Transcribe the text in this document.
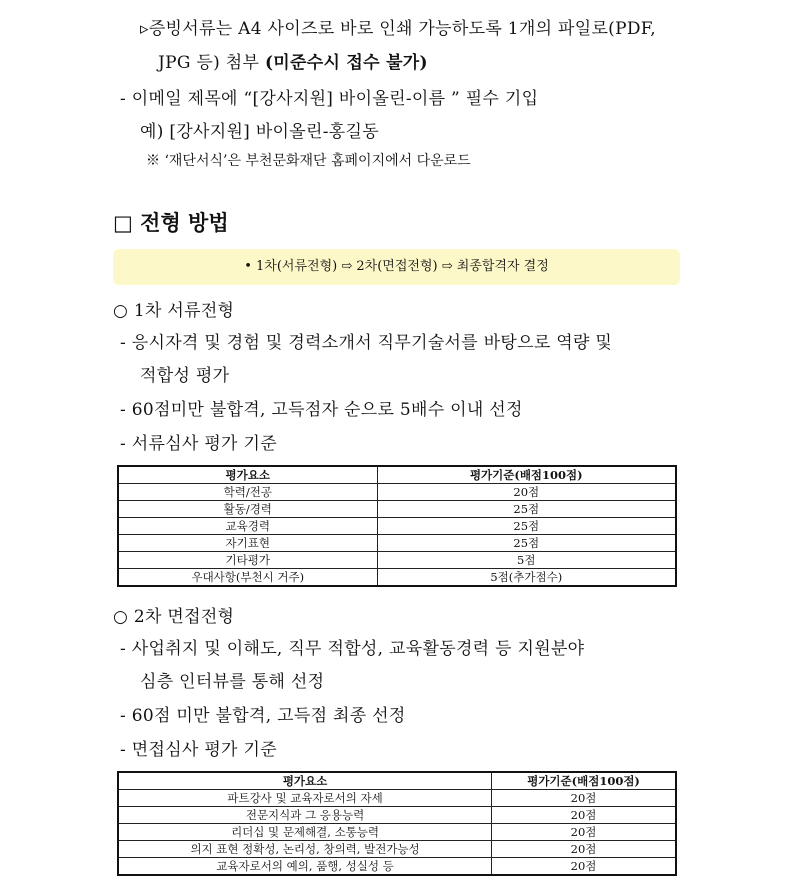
▹증빙서류는 A4 사이즈로 바로 인쇄 가능하도록 1개의 파일로(PDF,
JPG 등) 첨부 (미준수시 접수 불가)
- 이메일 제목에 “[강사지원] 바이올린-이름 ” 필수 기입
예) [강사지원] 바이올린-홍길동
※ ‘재단서식’은 부천문화재단 홈페이지에서 다운로드
□ 전형 방법
• 1차(서류전형) ⇨ 2차(면접전형) ⇨ 최종합격자 결정
○ 1차 서류전형
- 응시자격 및 경험 및 경력소개서 직무기술서를 바탕으로 역량 및
적합성 평가
- 60점미만 불합격, 고득점자 순으로 5배수 이내 선정
- 서류심사 평가 기준
평가요소	평가기준(배점100점)
학력/전공	20점
활동/경력	25점
교육경력	25점
자기표현	25점
기타평가	5점
우대사항(부천시 거주)	5점(추가점수)
○ 2차 면접전형
- 사업취지 및 이해도, 직무 적합성, 교육활동경력 등 지원분야
심층 인터뷰를 통해 선정
- 60점 미만 불합격, 고득점 최종 선정
- 면접심사 평가 기준
평가요소	평가기준(배점100점)
파트강사 및 교육자로서의 자세	20점
전문지식과 그 응용능력	20점
리더십 및 문제해결, 소통능력	20점
의지 표현 정확성, 논리성, 창의력, 발전가능성	20점
교육자로서의 예의, 품행, 성실성 등	20점
